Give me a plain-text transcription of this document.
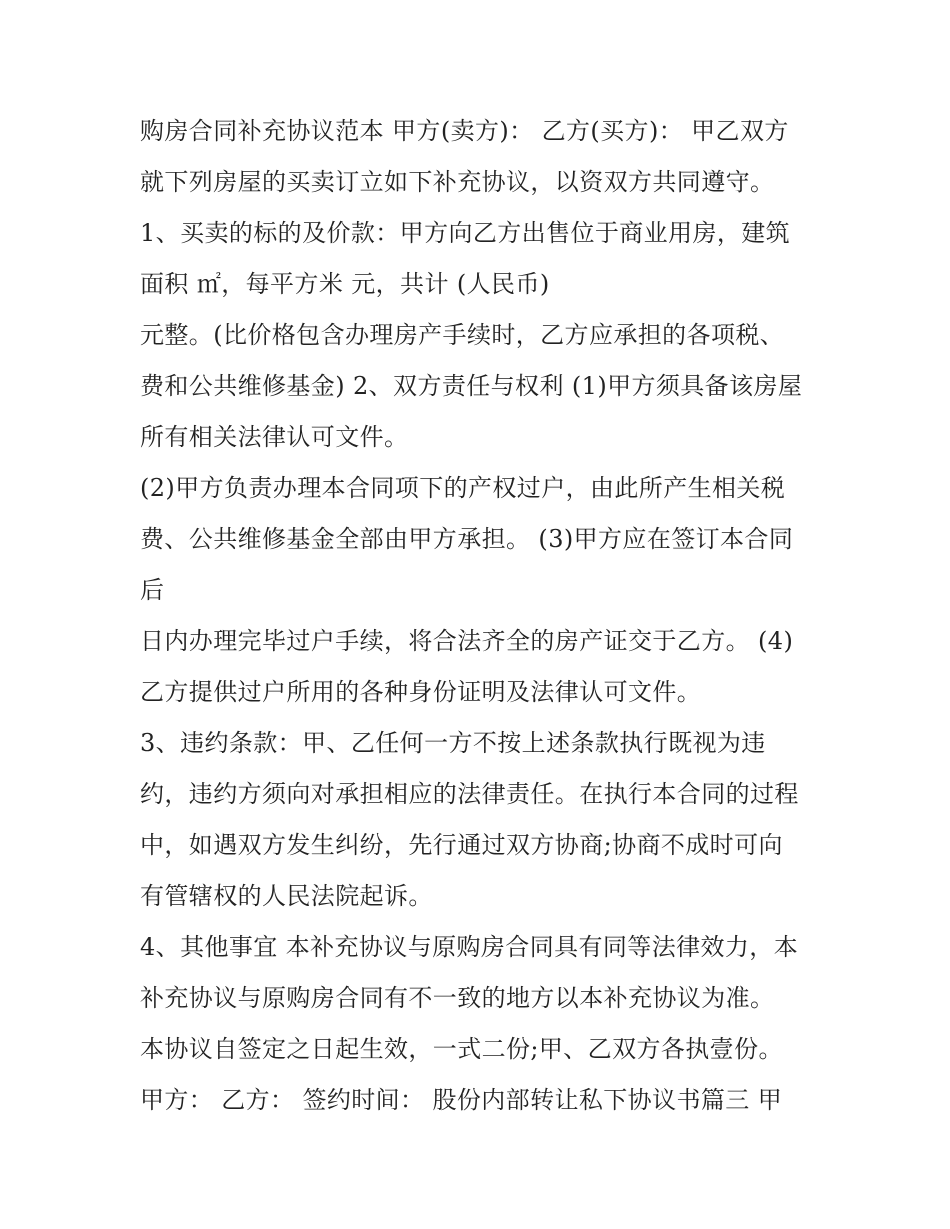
购房合同补充协议范本 甲方(卖方)： 乙方(买方)： 甲乙双方
就下列房屋的买卖订立如下补充协议，以资双方共同遵守。
1、买卖的标的及价款：甲方向乙方出售位于商业用房，建筑
面积 ㎡，每平方米 元，共计 (人民币)
元整。(比价格包含办理房产手续时，乙方应承担的各项税、
费和公共维修基金) 2、双方责任与权利 (1)甲方须具备该房屋
所有相关法律认可文件。
(2)甲方负责办理本合同项下的产权过户，由此所产生相关税
费、公共维修基金全部由甲方承担。 (3)甲方应在签订本合同
后
日内办理完毕过户手续，将合法齐全的房产证交于乙方。 (4)
乙方提供过户所用的各种身份证明及法律认可文件。
3、违约条款：甲、乙任何一方不按上述条款执行既视为违
约，违约方须向对承担相应的法律责任。在执行本合同的过程
中，如遇双方发生纠纷，先行通过双方协商;协商不成时可向
有管辖权的人民法院起诉。
4、其他事宜 本补充协议与原购房合同具有同等法律效力，本
补充协议与原购房合同有不一致的地方以本补充协议为准。
本协议自签定之日起生效，一式二份;甲、乙双方各执壹份。
甲方： 乙方： 签约时间： 股份内部转让私下协议书篇三 甲
